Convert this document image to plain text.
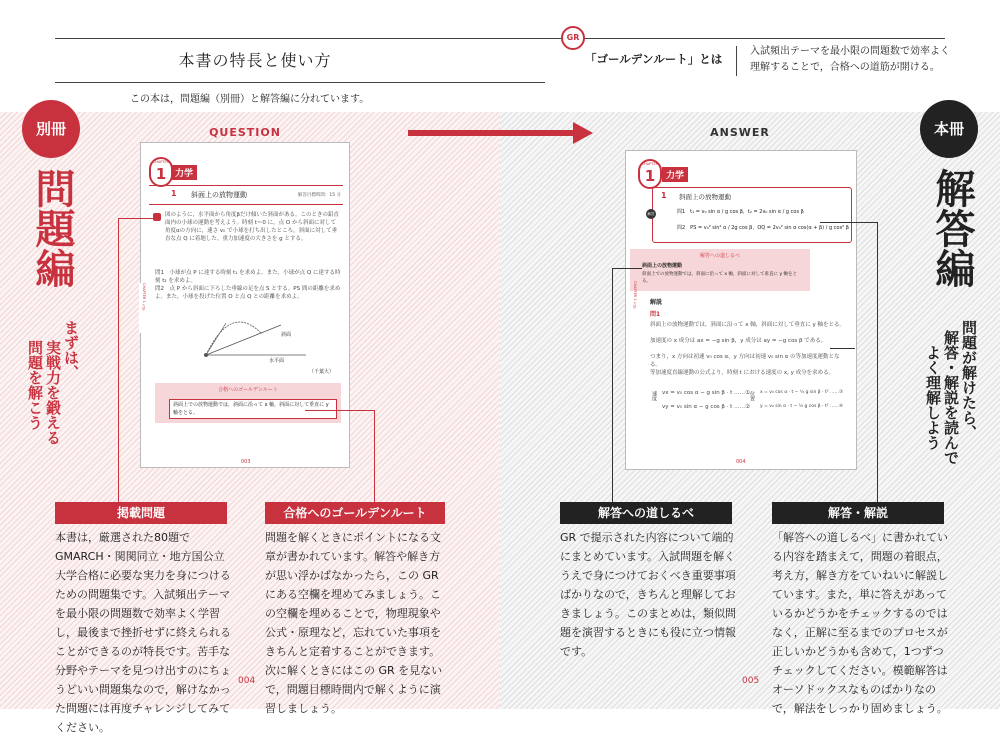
本書の特長と使い方
GR
「ゴールデンルート」とは
入試頻出テーマを最小限の問題数で効率よく理解することで，合格への道筋が開ける。
この本は，問題編（別冊）と解答編に分れています。
別冊
問題編
まずは、
実戦力を鍛える
問題を解こう
QUESTION	本冊
解答編
問題が解けたら、
解答・解説を読んで
よく理解しよう
ANSWER
CHAPTER
1 力学
1 斜面上の放物運動	解答目標時間：15 分
図のように，水平面から角度βだけ傾いた斜面がある。このときの鉛直面内の小球の運動を考えよう。時刻 t＝0 に，点 O から斜面に対して角度αの方向に，速さ v₀ で小球を打ち出したところ，斜面に対して垂直な点 Q に着地した。重力加速度の大きさを g とする。
問1　小球が点 P に達する時刻 t₁ を求めよ。また，小球が点 Q に達する時刻 t₂ を求めよ。
問2　点 P から斜面に下ろした垂線の足を点 S とする。PS 間の距離を求めよ。また，小球を投げた位置 O と点 Q との距離を求めよ。
斜面
水平面
（千葉大）
合格へのゴールデンルート
斜面上での放物運動では，斜面に沿って x 軸，斜面に対して垂直に y 軸をとる。
CHAPTER 1 力学
003
CHAPTER
1	力学
1 斜面上の放物運動
問1　t₁ = v₀ sin α / g cos β，t₂ = 2v₀ sin α / g cos β
問2　PS = v₀² sin² α / 2g cos β，OQ = 2v₀² sin α cos(α + β) / g cos² β
解答
解答への道しるべ
斜面上の放物運動
斜面上での放物運動では，斜面に沿って x 軸，斜面に対して垂直に y 軸をとる。
解説
問1
斜面上の放物運動では，斜面に沿って x 軸，斜面に対して垂直に y 軸をとる。
加速度の x 成分は ax = −g sin β，y 成分は ay = −g cos β である。
つまり，x 方向は初速 v₀ cos α，y 方向は初速 v₀ sin α の等加速度運動となる。
等加速度直線運動の公式より，時刻 t における速度の x, y 成分を求める。
速度 vx = v₀ cos α − g sin β · t ……①
vy = v₀ sin α − g cos β · t ……②
位置 x = v₀ cos α · t − ½ g sin β · t² ……③
y = v₀ sin α · t − ½ g cos β · t² ……④
CHAPTER 1 力学
004
掲載問題
本書は，厳選された80題でGMARCH・関関同立・地方国公立大学合格に必要な実力を身につけるための問題集です。入試頻出テーマを最小限の問題数で効率よく学習し，最後まで挫折せずに終えられることができるのが特長です。苦手な分野やテーマを見つけ出すのにちょうどいい問題集なので，解けなかった問題には再度チャレンジしてみてください。
合格へのゴールデンルート
問題を解くときにポイントになる文章が書かれています。解答や解き方が思い浮かばなかったら，この GR にある空欄を埋めてみましょう。この空欄を埋めることで，物理現象や公式・原理など，忘れていた事項をきちんと定着することができます。次に解くときにはこの GR を見ないで，問題目標時間内で解くように演習しましょう。
解答への道しるべ
GR で提示された内容について端的にまとめています。入試問題を解くうえで身につけておくべき重要事項ばかりなので，きちんと理解しておきましょう。このまとめは，類似問題を演習するときにも役に立つ情報です。
解答・解説
「解答への道しるべ」に書かれている内容を踏まえて，問題の着眼点，考え方，解き方をていねいに解説しています。また，単に答えがあっているかどうかをチェックするのではなく，正解に至るまでのプロセスが正しいかどうかも含めて，1つずつチェックしてください。模範解答はオーソドックスなものばかりなので，解法をしっかり固めましょう。
004	005
